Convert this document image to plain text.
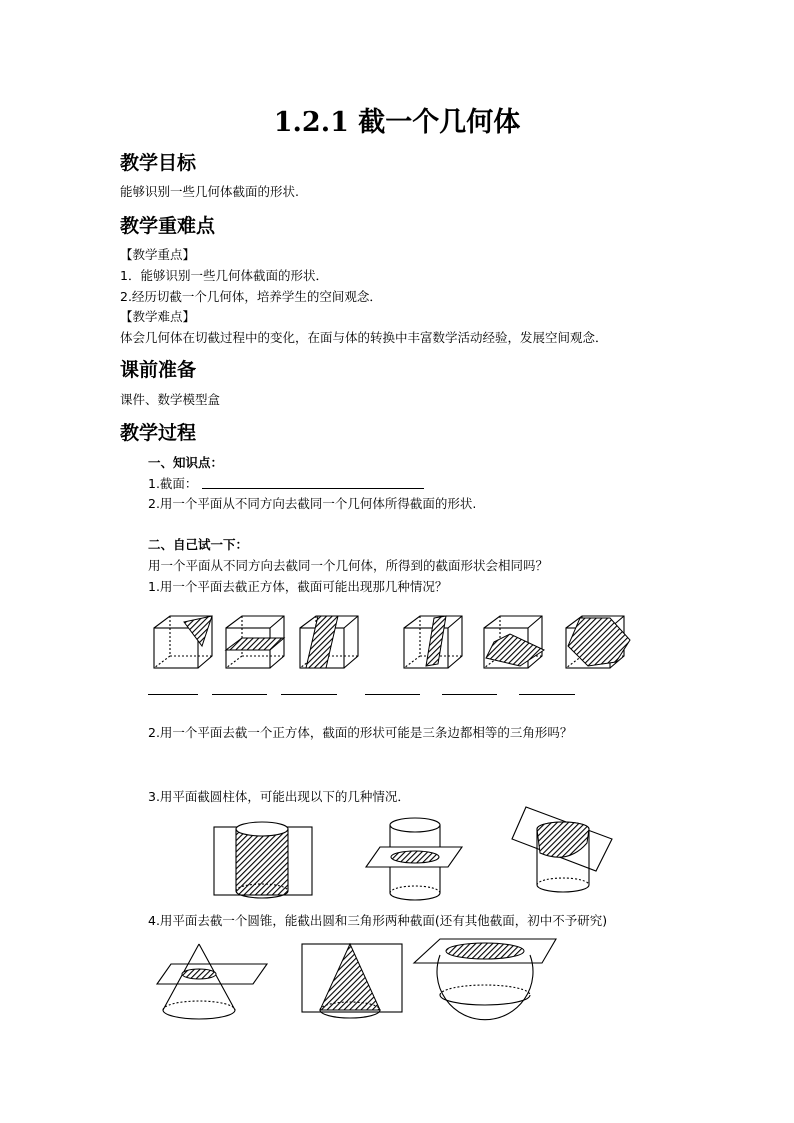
1.2.1 截一个几何体
教学目标
能够识别一些几何体截面的形状.
教学重难点
【教学重点】
1．能够识别一些几何体截面的形状．
2.经历切截一个几何体，培养学生的空间观念．
【教学难点】
体会几何体在切截过程中的变化，在面与体的转换中丰富数学活动经验，发展空间观念．
课前准备
课件、数学模型盒
教学过程
一、知识点：
1.截面：
2.用一个平面从不同方向去截同一个几何体所得截面的形状.
二、自己试一下：
用一个平面从不同方向去截同一个几何体，所得到的截面形状会相同吗？
1.用一个平面去截正方体，截面可能出现那几种情况？
2.用一个平面去截一个正方体，截面的形状可能是三条边都相等的三角形吗？
3.用平面截圆柱体，可能出现以下的几种情况．
4.用平面去截一个圆锥，能截出圆和三角形两种截面(还有其他截面，初中不予研究)
